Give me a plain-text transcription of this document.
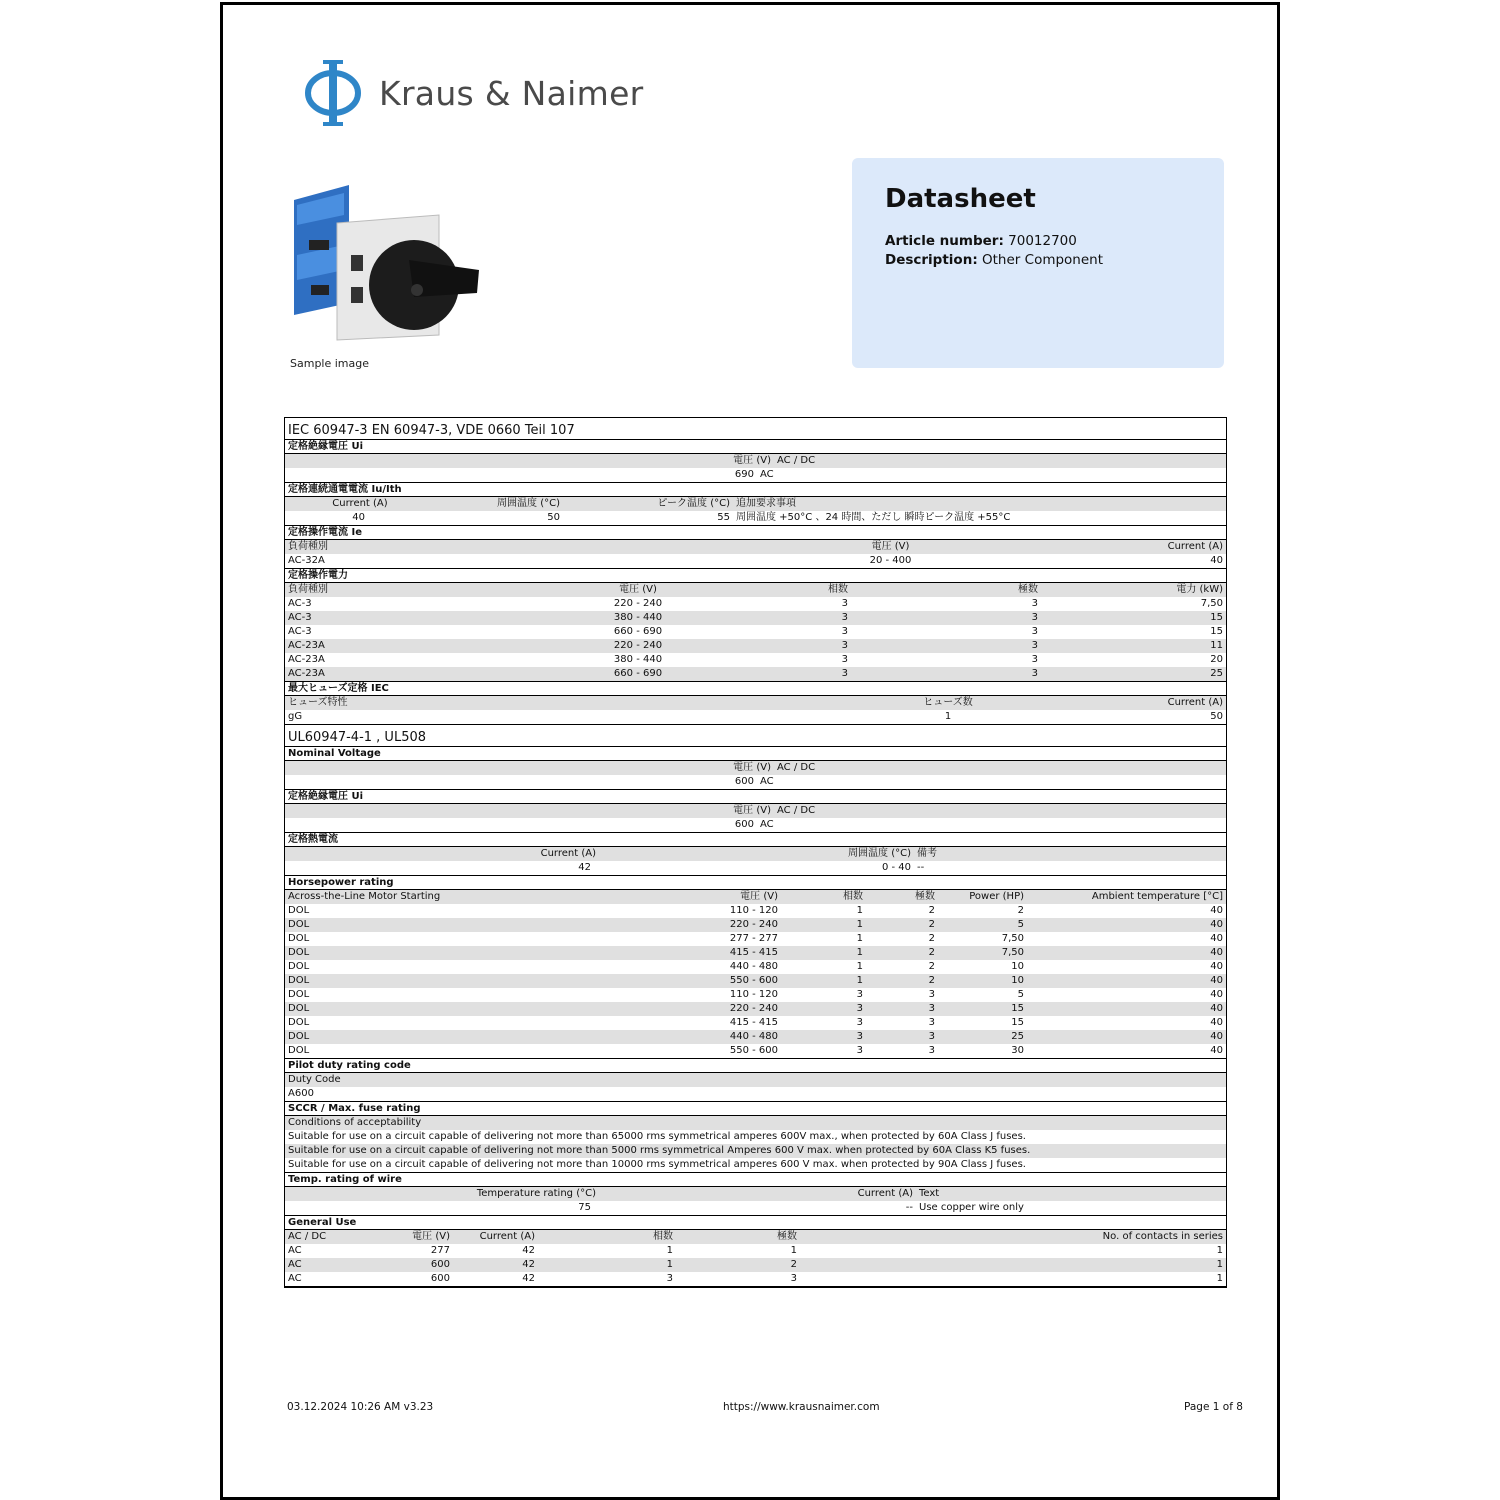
Kraus & Naimer
Sample image
Datasheet
Article number: 70012700
Description: Other Component
IEC 60947-3 EN 60947-3, VDE 0660 Teil 107
定格絶縁電圧 Ui
電圧 (V) AC / DC
690 AC
定格連続通電電流 Iu/Ith
Current (A)	周囲温度 (°C)	ピーク温度 (°C) 追加要求事項
40	50	55 周囲温度 +50°C 、24 時間、ただし 瞬時ピーク温度 +55°C
定格操作電流 Ie
負荷種別	電圧 (V)	Current (A)
AC-32A	20 - 400	40
定格操作電力
負荷種別	電圧 (V)	相数	極数	電力 (kW)
AC-3	220 - 240	3	3	7,50
AC-3	380 - 440	3	3	15
AC-3	660 - 690	3	3	15
AC-23A	220 - 240	3	3	11
AC-23A	380 - 440	3	3	20
AC-23A	660 - 690	3	3	25
最大ヒューズ定格 IEC
ヒューズ特性	ヒューズ数	Current (A)
gG	1	50
UL60947-4-1 , UL508
Nominal Voltage
電圧 (V) AC / DC
600 AC
定格絶縁電圧 Ui
電圧 (V) AC / DC
600 AC
定格熱電流
Current (A)	周囲温度 (°C) 備考
42	0 - 40 --
Horsepower rating
Across-the-Line Motor Starting	電圧 (V)	相数	極数	Power (HP)	Ambient temperature [°C]
DOL	110 - 120	1	2	2	40
DOL	220 - 240	1	2	5	40
DOL	277 - 277	1	2	7,50	40
DOL	415 - 415	1	2	7,50	40
DOL	440 - 480	1	2	10	40
DOL	550 - 600	1	2	10	40
DOL	110 - 120	3	3	5	40
DOL	220 - 240	3	3	15	40
DOL	415 - 415	3	3	15	40
DOL	440 - 480	3	3	25	40
DOL	550 - 600	3	3	30	40
Pilot duty rating code
Duty Code
A600
SCCR / Max. fuse rating
Conditions of acceptability
Suitable for use on a circuit capable of delivering not more than 65000 rms symmetrical amperes 600V max., when protected by 60A Class J fuses.
Suitable for use on a circuit capable of delivering not more than 5000 rms symmetrical Amperes 600 V max. when protected by 60A Class K5 fuses.
Suitable for use on a circuit capable of delivering not more than 10000 rms symmetrical amperes 600 V max. when protected by 90A Class J fuses.
Temp. rating of wire
Temperature rating (°C)	Current (A) Text
75	-- Use copper wire only
General Use
AC / DC	電圧 (V)	Current (A)	相数	極数	No. of contacts in series
AC	277	42	1	1	1
AC	600	42	1	2	1
AC	600	42	3	3	1
03.12.2024 10:26 AM v3.23	https://www.krausnaimer.com	Page 1 of 8
